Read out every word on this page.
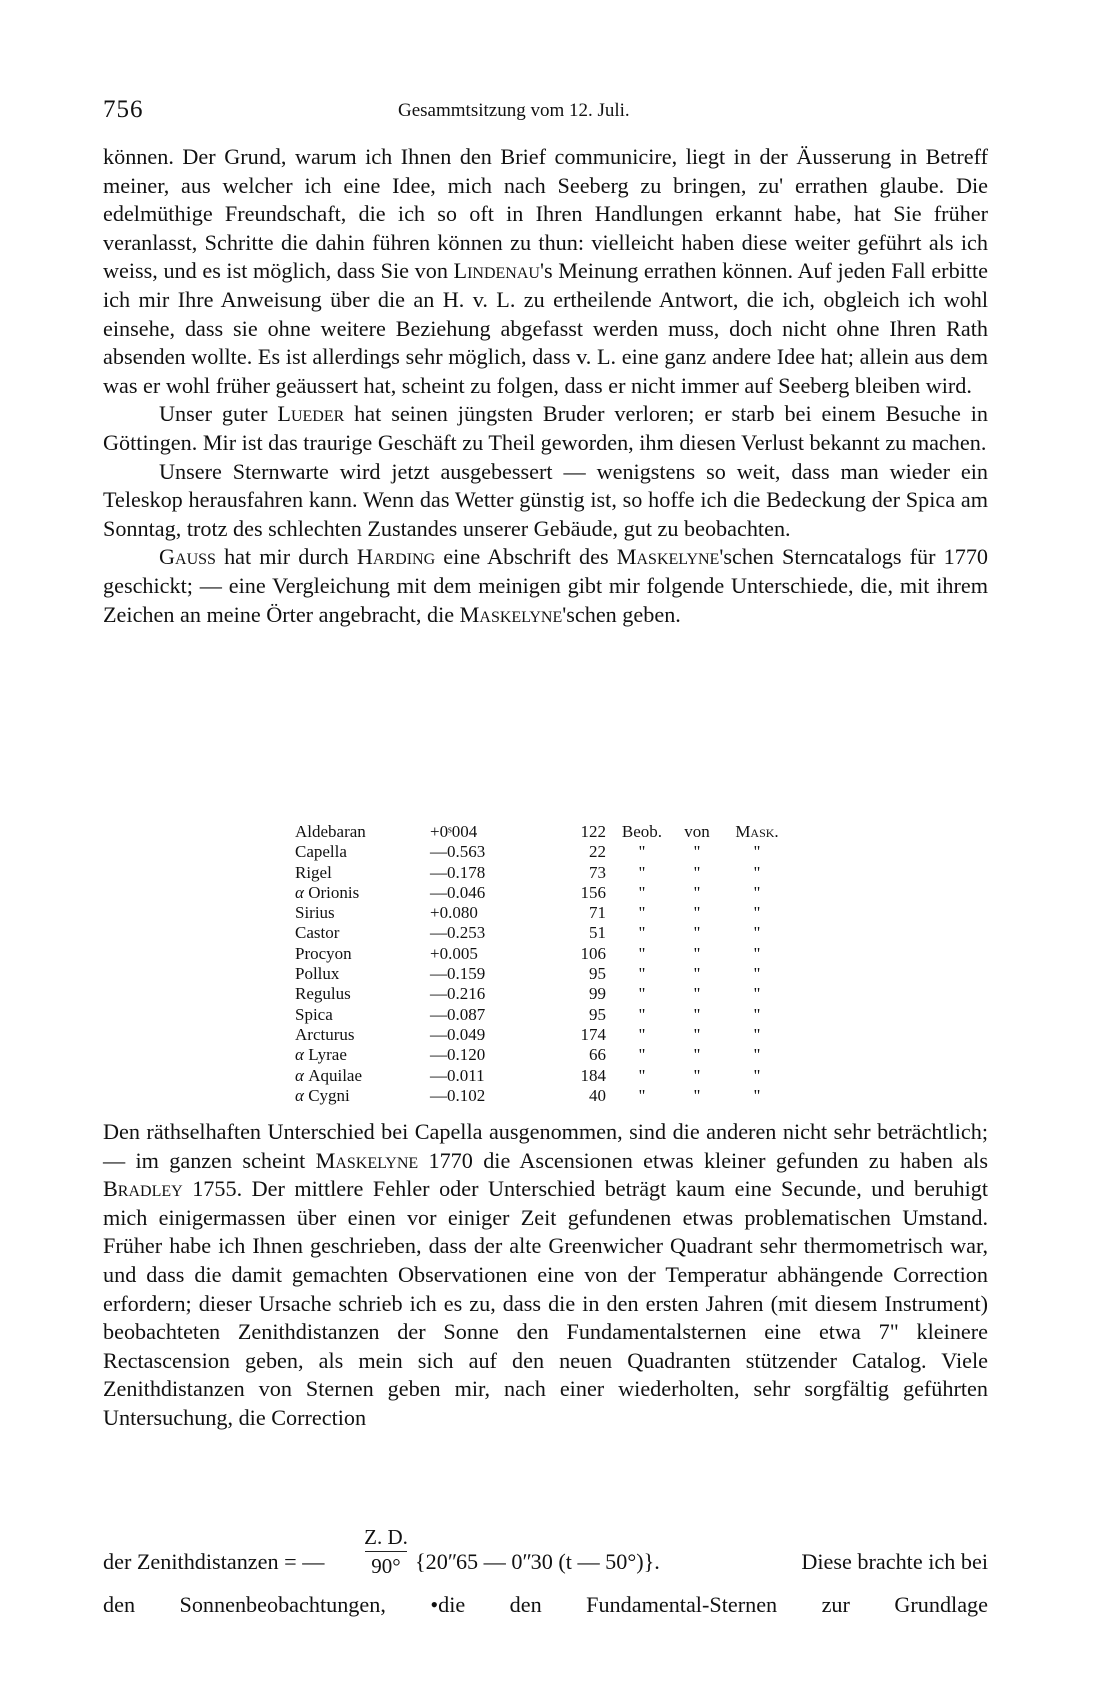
756	Gesammtsitzung vom 12. Juli.

können. Der Grund, warum ich Ihnen den Brief communicire, liegt in der Äusserung in Betreff meiner, aus welcher ich eine Idee, mich nach Seeberg zu bringen, zu' errathen glaube. Die edelmüthige Freundschaft, die ich so oft in Ihren Handlungen erkannt habe, hat Sie früher veranlasst, Schritte die dahin führen können zu thun: vielleicht haben diese weiter geführt als ich weiss, und es ist möglich, dass Sie von Lindenau's Meinung errathen können. Auf jeden Fall erbitte ich mir Ihre Anweisung über die an H. v. L. zu ertheilende Antwort, die ich, obgleich ich wohl einsehe, dass sie ohne weitere Beziehung abgefasst werden muss, doch nicht ohne Ihren Rath absenden wollte. Es ist allerdings sehr möglich, dass v. L. eine ganz andere Idee hat; allein aus dem was er wohl früher geäussert hat, scheint zu folgen, dass er nicht immer auf Seeberg bleiben wird.

Unser guter Lueder hat seinen jüngsten Bruder verloren; er starb bei einem Besuche in Göttingen. Mir ist das traurige Geschäft zu Theil geworden, ihm diesen Verlust bekannt zu machen.

Unsere Sternwarte wird jetzt ausgebessert — wenigstens so weit, dass man wieder ein Teleskop herausfahren kann. Wenn das Wetter günstig ist, so hoffe ich die Bedeckung der Spica am Sonntag, trotz des schlechten Zustandes unserer Gebäude, gut zu beobachten.

Gauss hat mir durch Harding eine Abschrift des Maskelyne'schen Sterncatalogs für 1770 geschickt; — eine Vergleichung mit dem meinigen gibt mir folgende Unterschiede, die, mit ihrem Zeichen an meine Örter angebracht, die Maskelyne'schen geben.

Aldebaran	+0ˢ004	122	Beob.	von	Mask.
Capella	—0.563	22	"	"	"
Rigel	—0.178	73	"	"	"
α Orionis	—0.046	156	"	"	"
Sirius	+0.080	71	"	"	"
Castor	—0.253	51	"	"	"
Procyon	+0.005	106	"	"	"
Pollux	—0.159	95	"	"	"
Regulus	—0.216	99	"	"	"
Spica	—0.087	95	"	"	"
Arcturus	—0.049	174	"	"	"
α Lyrae	—0.120	66	"	"	"
α Aquilae	—0.011	184	"	"	"
α Cygni	—0.102	40	"	"	"

Den räthselhaften Unterschied bei Capella ausgenommen, sind die anderen nicht sehr beträchtlich; — im ganzen scheint Maskelyne 1770 die Ascensionen etwas kleiner gefunden zu haben als Bradley 1755. Der mittlere Fehler oder Unterschied beträgt kaum eine Secunde, und beruhigt mich einigermassen über einen vor einiger Zeit gefundenen etwas problematischen Umstand. Früher habe ich Ihnen geschrieben, dass der alte Greenwicher Quadrant sehr thermometrisch war, und dass die damit gemachten Observationen eine von der Temperatur abhängende Correction erfordern; dieser Ursache schrieb ich es zu, dass die in den ersten Jahren (mit diesem Instrument) beobachteten Zenithdistanzen der Sonne den Fundamentalsternen eine etwa 7" kleinere Rectascension geben, als mein sich auf den neuen Quadranten stützender Catalog. Viele Zenithdistanzen von Sternen geben mir, nach einer wiederholten, sehr sorgfältig geführten Untersuchung, die Correction

der Zenithdistanzen = —
Z. D.
90° {20ʺ65 — 0ʺ30 (t — 50°)}.	Diese brachte ich bei
den Sonnenbeobachtungen, •die den Fundamental-Sternen zur Grundlage
